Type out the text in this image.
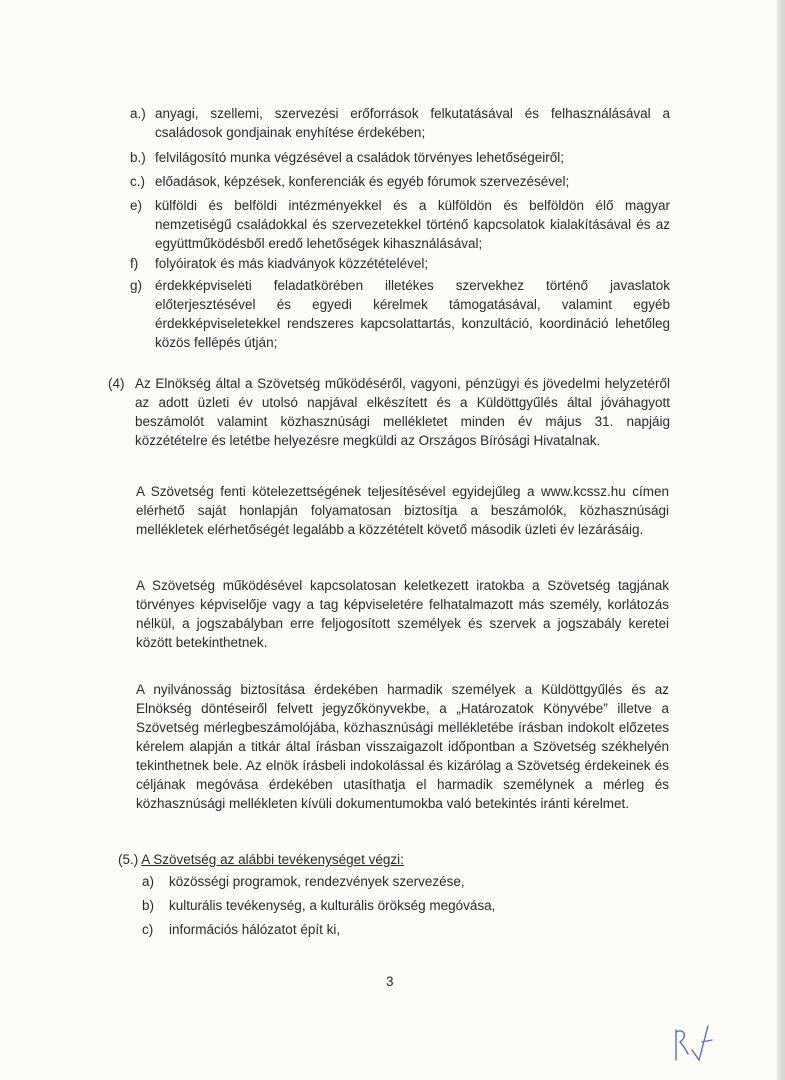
a.) anyagi, szellemi, szervezési erőforrások felkutatásával és felhasználásával a családosok gondjainak enyhítése érdekében;
b.) felvilágosító munka végzésével a családok törvényes lehetőségeiről;
c.) előadások, képzések, konferenciák és egyéb fórumok szervezésével;
e) külföldi és belföldi intézményekkel és a külföldön és belföldön élő magyar nemzetiségű családokkal és szervezetekkel történő kapcsolatok kialakításával és az együttműködésből eredő lehetőségek kihasználásával;
f) folyóiratok és más kiadványok közzétételével;
g) érdekképviseleti feladatkörében illetékes szervekhez történő javaslatok előterjesztésével és egyedi kérelmek támogatásával, valamint egyéb érdekképviseletekkel rendszeres kapcsolattartás, konzultáció, koordináció lehetőleg közös fellépés útján;
(4) Az Elnökség által a Szövetség működéséről, vagyoni, pénzügyi és jövedelmi helyzetéről az adott üzleti év utolsó napjával elkészített és a Küldöttgyűlés által jóváhagyott beszámolót valamint közhasznúsági mellékletet minden év május 31. napjáig közzétételre és letétbe helyezésre megküldi az Országos Bírósági Hivatalnak.
A Szövetség fenti kötelezettségének teljesítésével egyidejűleg a www.kcssz.hu címen elérhető saját honlapján folyamatosan biztosítja a beszámolók, közhasznúsági mellékletek elérhetőségét legalább a közzétételt követő második üzleti év lezárásáig.
A Szövetség működésével kapcsolatosan keletkezett iratokba a Szövetség tagjának törvényes képviselője vagy a tag képviseletére felhatalmazott más személy, korlátozás nélkül, a jogszabályban erre feljogosított személyek és szervek a jogszabály keretei között betekinthetnek.
A nyilvánosság biztosítása érdekében harmadik személyek a Küldöttgyűlés és az Elnökség döntéseiről felvett jegyzőkönyvekbe, a „Határozatok Könyvébe” illetve a Szövetség mérlegbeszámolójába, közhasznúsági mellékletébe írásban indokolt előzetes kérelem alapján a titkár által írásban visszaigazolt időpontban a Szövetség székhelyén tekinthetnek bele. Az elnök írásbeli indokolással és kizárólag a Szövetség érdekeinek és céljának megóvása érdekében utasíthatja el harmadik személynek a mérleg és közhasznúsági mellékleten kívüli dokumentumokba való betekintés iránti kérelmet.
(5.) A Szövetség az alábbi tevékenységet végzi:
a) közösségi programok, rendezvények szervezése,
b) kulturális tevékenység, a kulturális örökség megóvása,
c) információs hálózatot épít ki,
3
